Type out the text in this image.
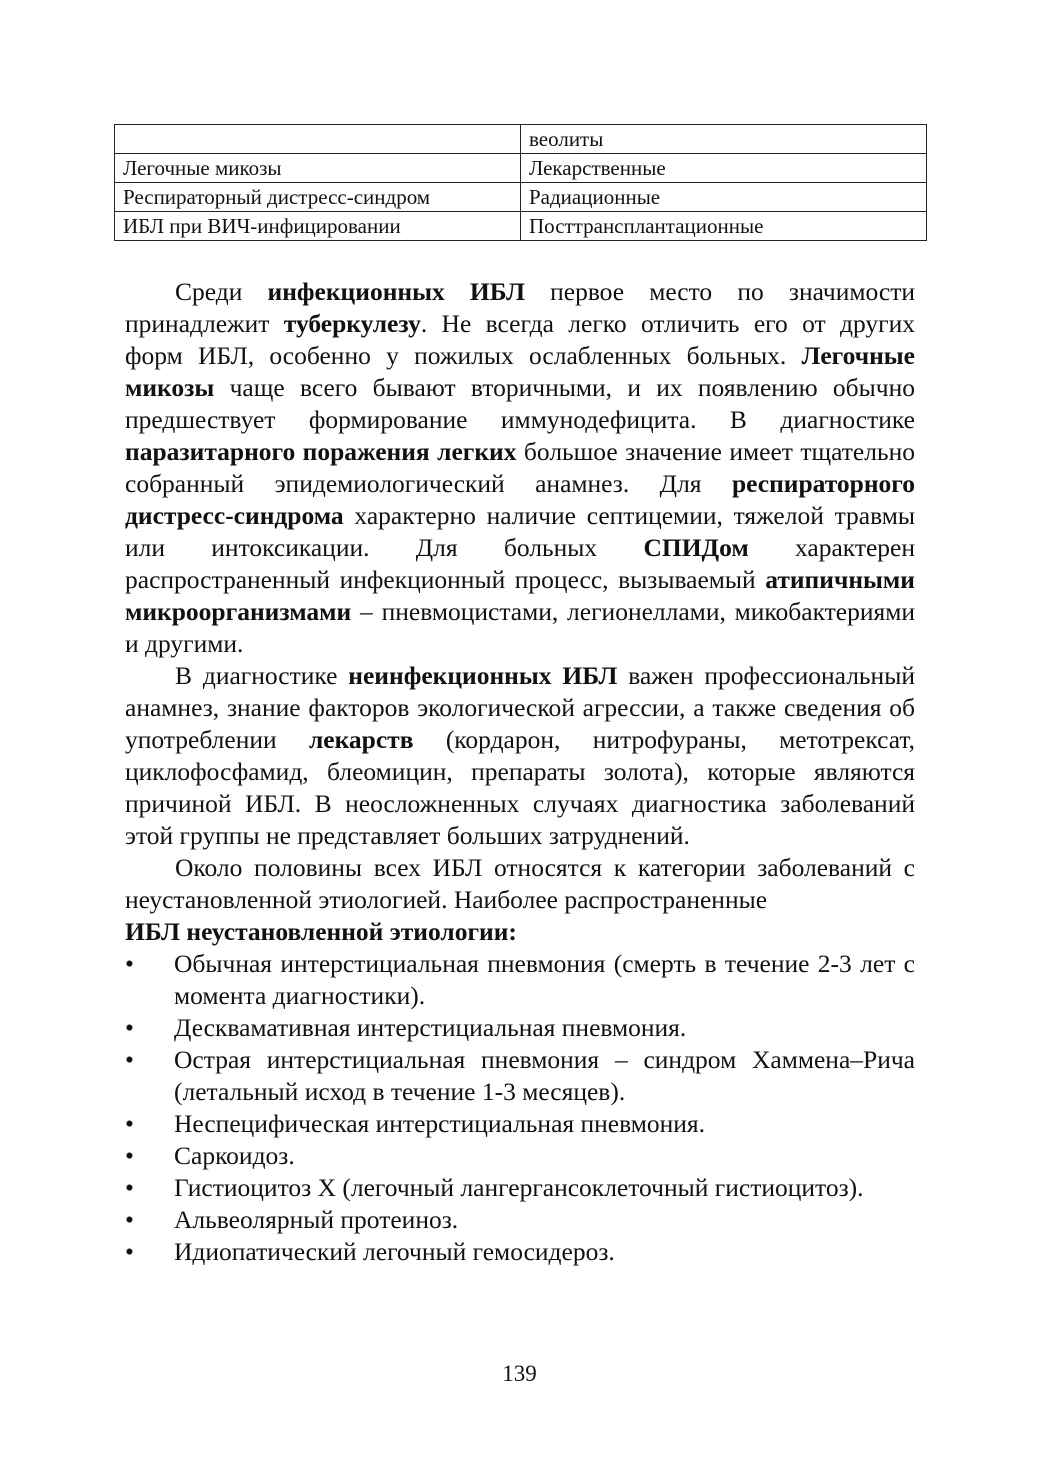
	веолиты
Легочные микозы	Лекарственные
Респираторный дистресс-синдром	Радиационные
ИБЛ при ВИЧ-инфицировании	Посттрансплантационные

Среди инфекционных ИБЛ первое место по значимости принадлежит туберкулезу. Не всегда легко отличить его от других форм ИБЛ, особенно у пожилых ослабленных больных. Легочные микозы чаще всего бывают вторичными, и их появлению обычно предшествует формирование иммунодефицита. В диагностике паразитарного поражения легких большое значение имеет тщательно собранный эпидемиологический анамнез. Для респираторного дистресс-синдрома характерно наличие септицемии, тяжелой травмы или интоксикации. Для больных СПИДом характерен распространенный инфекционный процесс, вызываемый атипичными микроорганизмами – пневмоцистами, легионеллами, микобактериями и другими.

В диагностике неинфекционных ИБЛ важен профессиональный анамнез, знание факторов экологической агрессии, а также сведения об употреблении лекарств (кордарон, нитрофураны, метотрексат, циклофосфамид, блеомицин, препараты золота), которые являются причиной ИБЛ. В неосложненных случаях диагностика заболеваний этой группы не представляет больших затруднений.

Около половины всех ИБЛ относятся к категории заболеваний с неустановленной этиологией. Наиболее распространенные

ИБЛ неустановленной этиологии:
• Обычная интерстициальная пневмония (смерть в течение 2-3 лет с момента диагностики).
• Десквамативная интерстициальная пневмония.
• Острая интерстициальная пневмония – синдром Хаммена–Рича (летальный исход в течение 1-3 месяцев).
• Неспецифическая интерстициальная пневмония.
• Саркоидоз.
• Гистиоцитоз Х (легочный лангергансоклеточный гистиоцитоз).
• Альвеолярный протеиноз.
• Идиопатический легочный гемосидероз.
139
